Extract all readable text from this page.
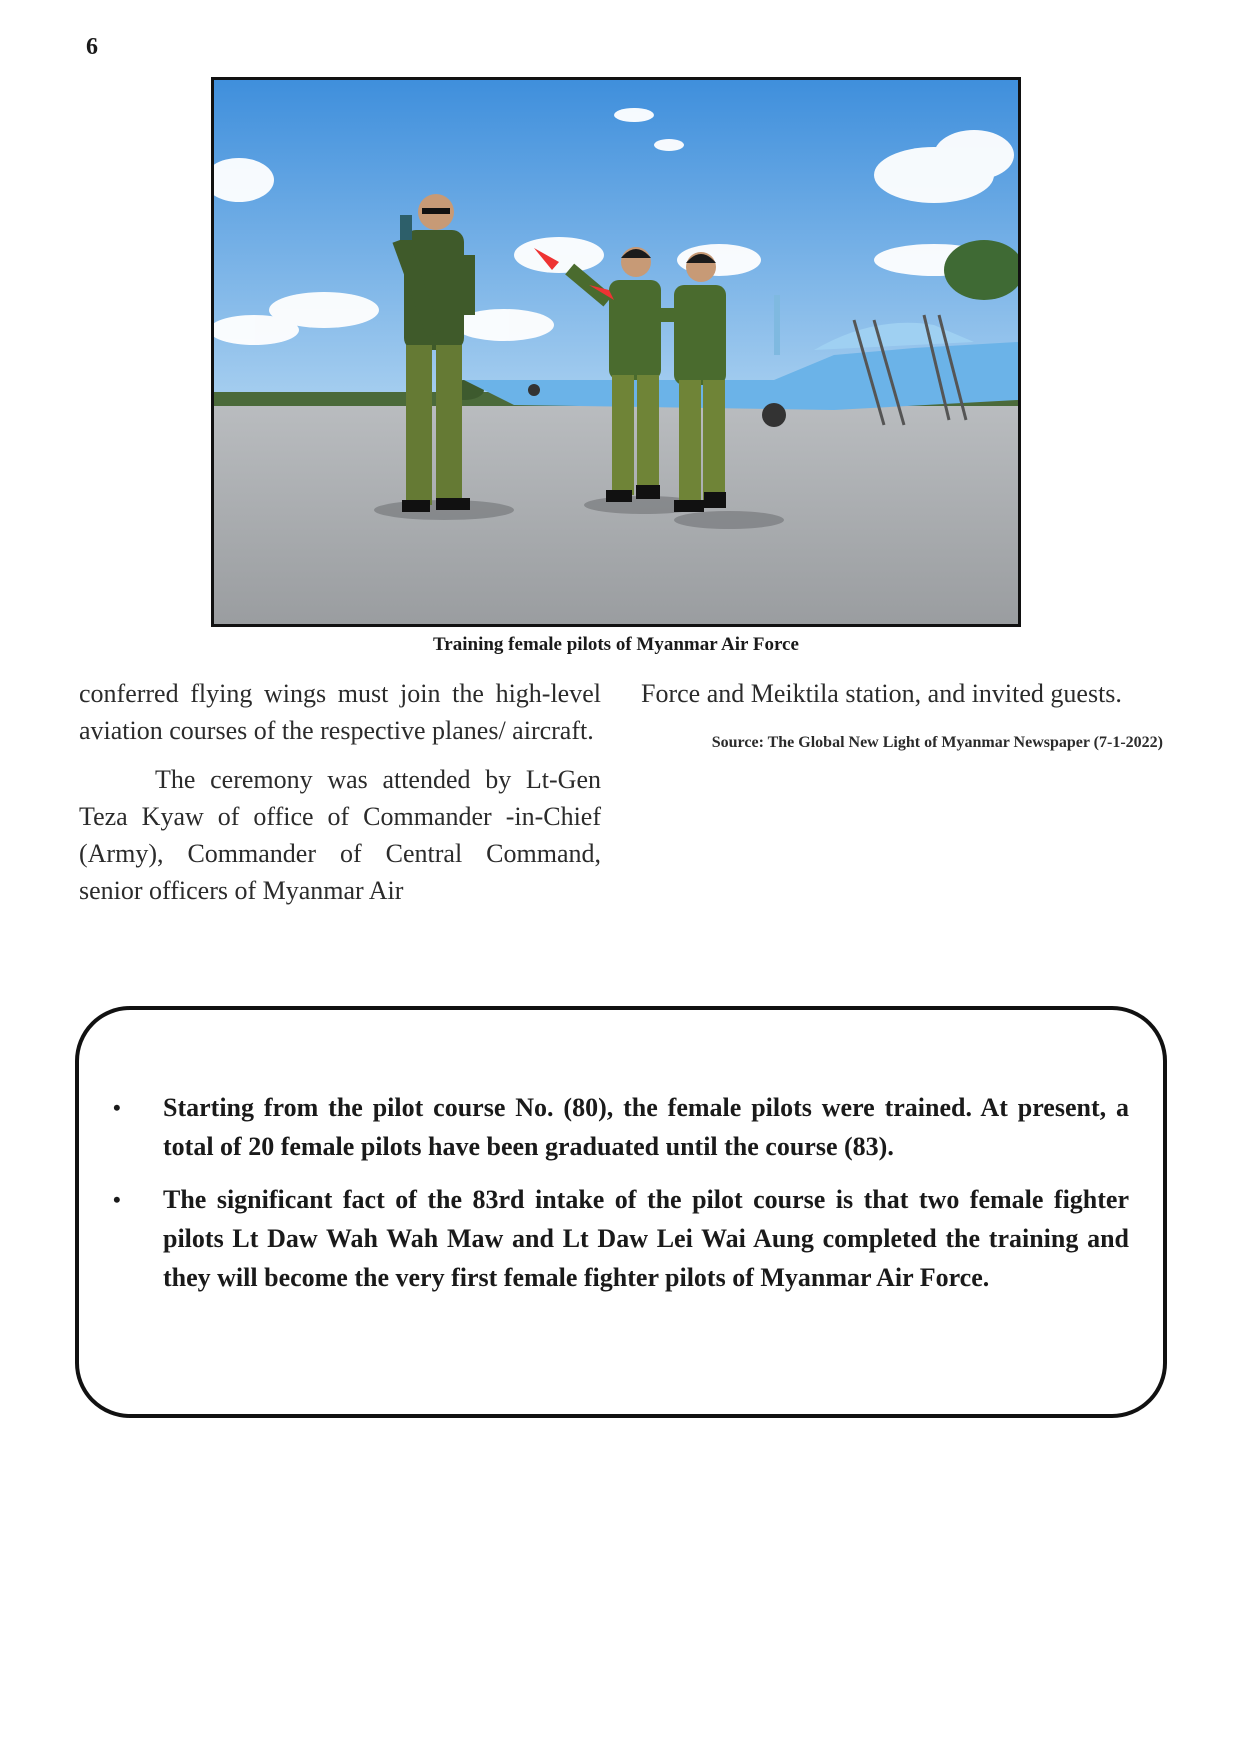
6
Training female pilots of Myanmar Air Force

conferred flying wings must join the high-level aviation courses of the respective planes/ aircraft.

The ceremony was attended by Lt-Gen Teza Kyaw of office of Commander -in-Chief (Army), Commander of Central Command, senior officers of Myanmar Air

Force and Meiktila station, and invited guests.

Source: The Global New Light of Myanmar Newspaper (7-1-2022)

• Starting from the pilot course No. (80), the female pilots were trained. At present, a total of 20 female pilots have been graduated until the course (83).
• The significant fact of the 83rd intake of the pilot course is that two female fighter pilots Lt Daw Wah Wah Maw and Lt Daw Lei Wai Aung completed the training and they will become the very first female fighter pilots of Myanmar Air Force.
